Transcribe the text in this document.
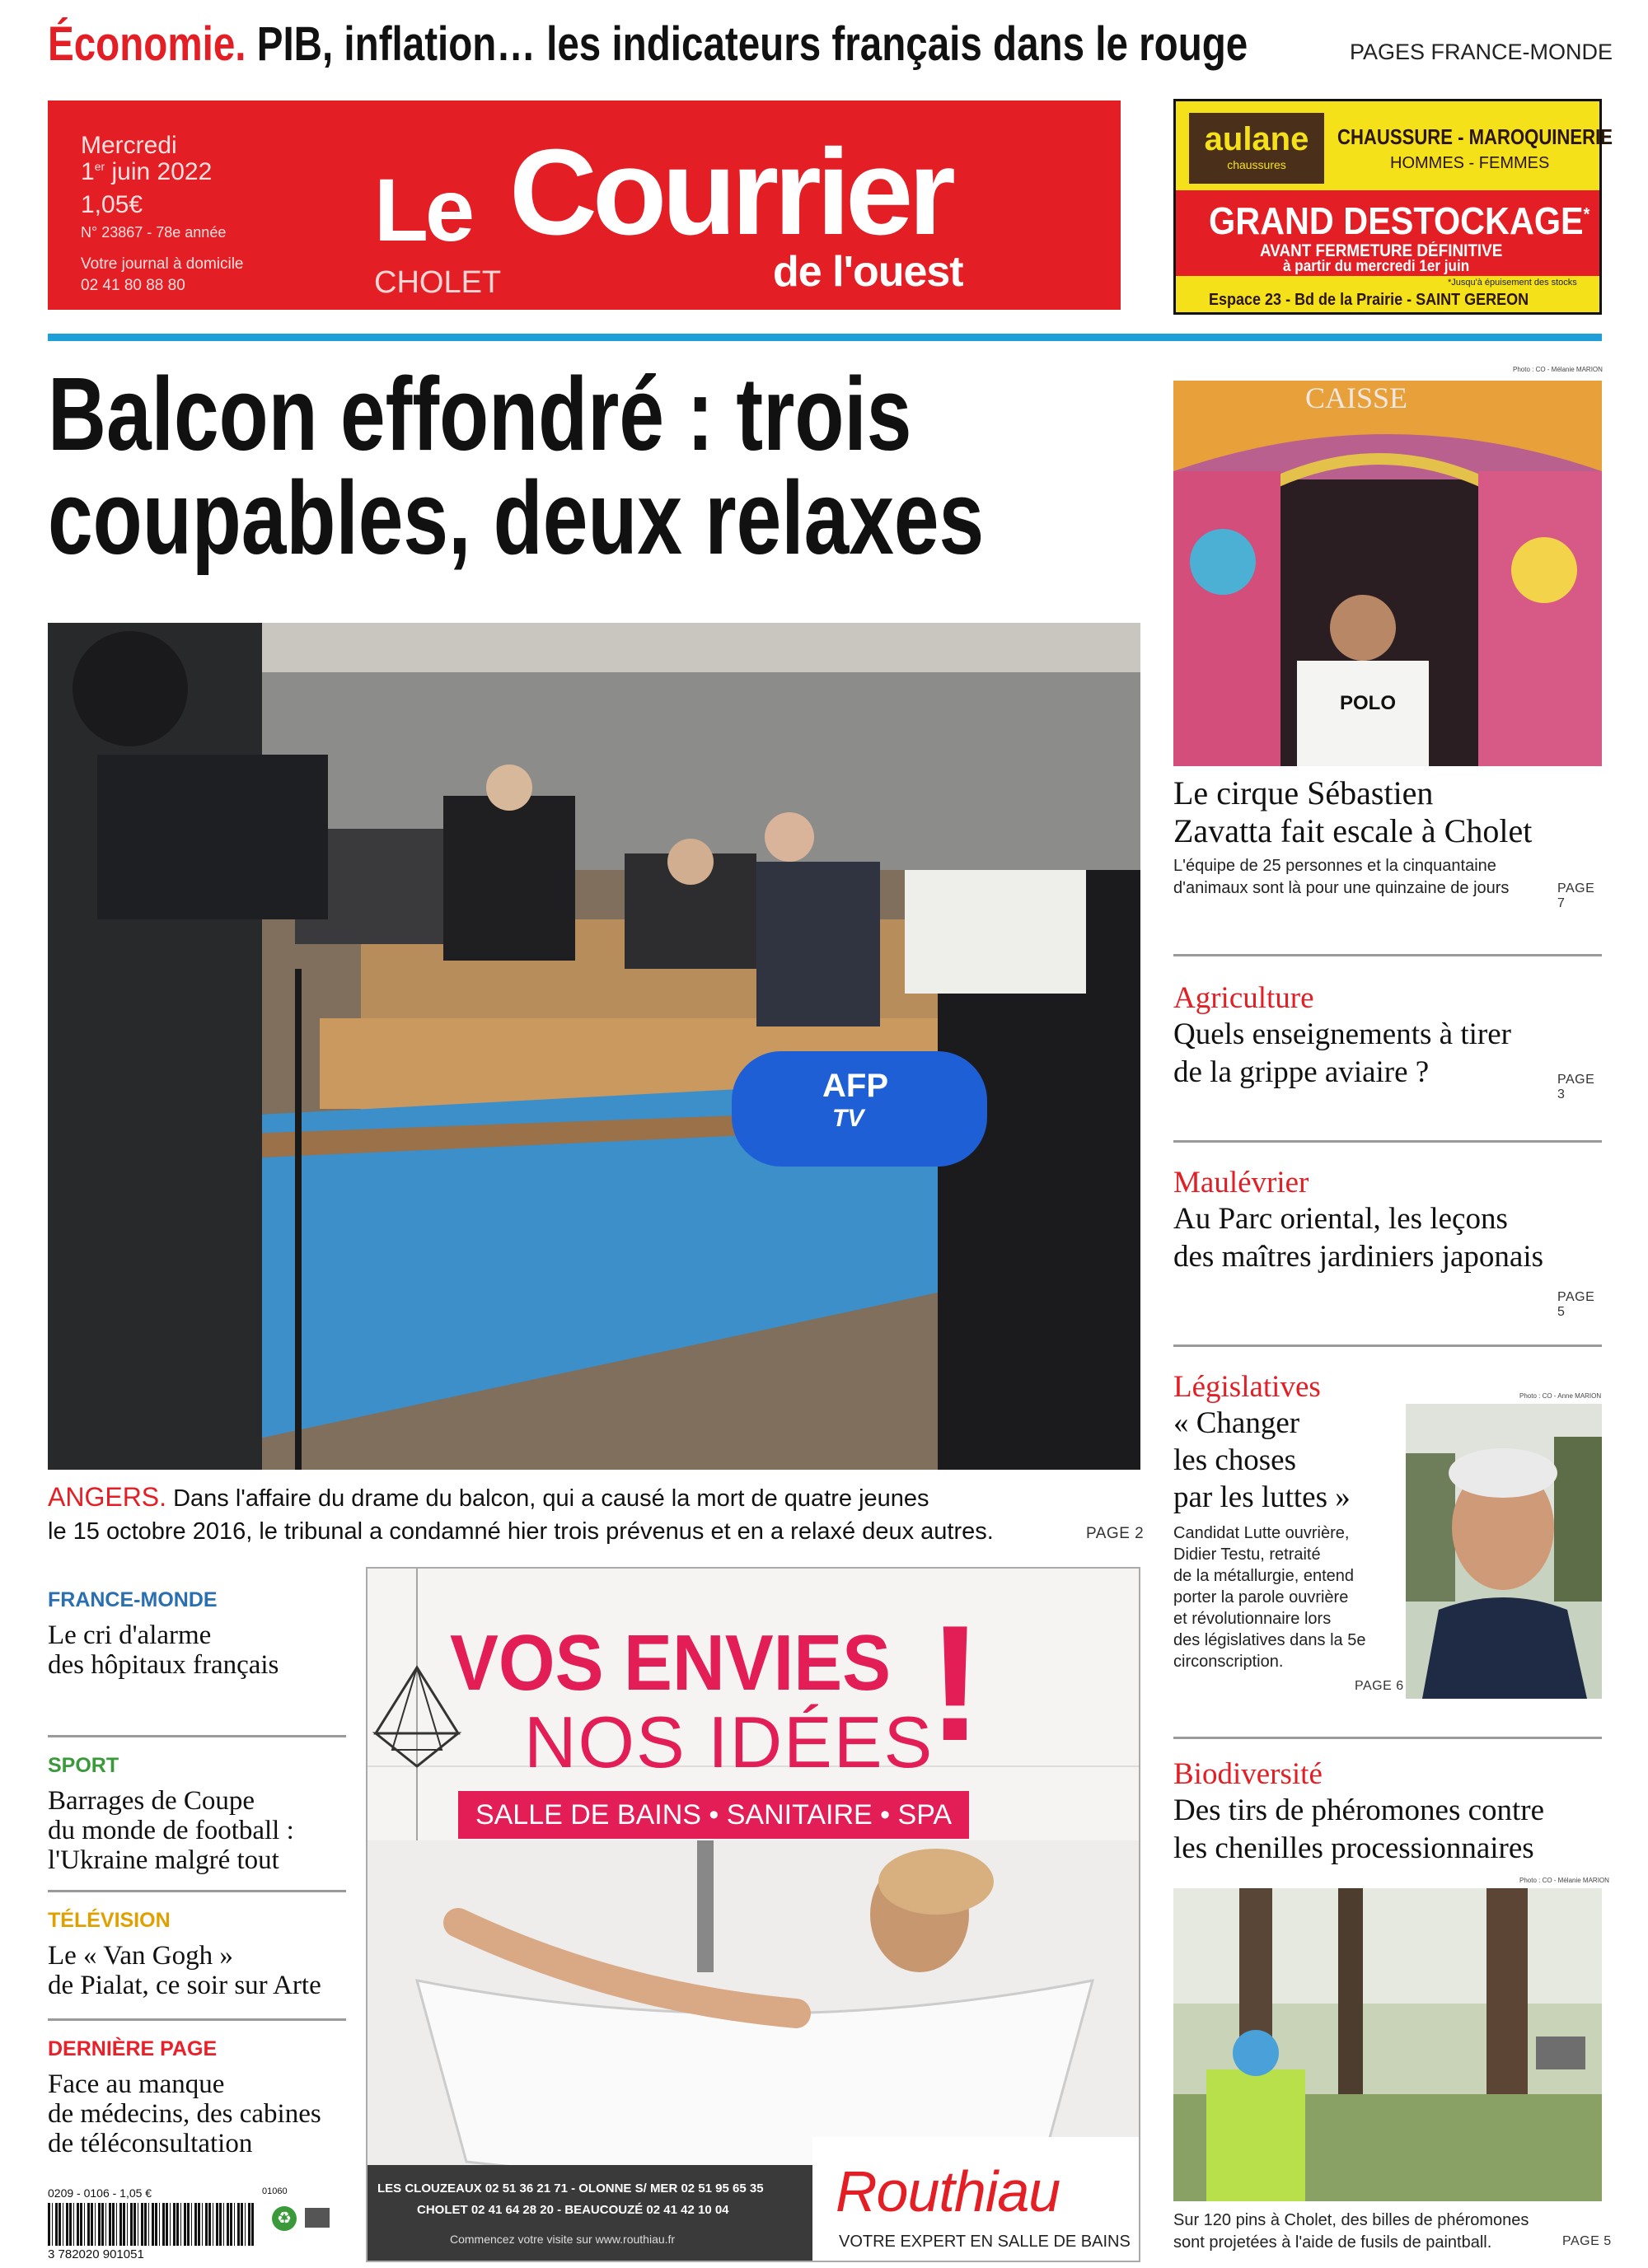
Économie. PIB, inflation… les indicateurs français dans le rouge	PAGES FRANCE-MONDE
Mercredi
1er juin 2022
1,05€
N° 23867 - 78e année
Votre journal à domicile
02 41 80 88 80
Le Courrier
de l'ouest
CHOLET
aulane
chaussures
CHAUSSURE - MAROQUINERIE
HOMMES - FEMMES
GRAND DESTOCKAGE*
AVANT FERMETURE DÉFINITIVE
à partir du mercredi 1er juin
*Jusqu'à épuisement des stocks
Espace 23 - Bd de la Prairie - SAINT GEREON
Balcon effondré : trois
coupables, deux relaxes
AFP
TV
ANGERS. Dans l'affaire du drame du balcon, qui a causé la mort de quatre jeunes
le 15 octobre 2016, le tribunal a condamné hier trois prévenus et en a relaxé deux autres.	PAGE 2
FRANCE-MONDE
Le cri d'alarme
des hôpitaux français
SPORT
Barrages de Coupe
du monde de football :
l'Ukraine malgré tout
TÉLÉVISION
Le « Van Gogh »
de Pialat, ce soir sur Arte
DERNIÈRE PAGE
Face au manque
de médecins, des cabines
de téléconsultation
0209 - 0106 - 1,05 €
3 782020 901051
01060
♻
VOS ENVIES
NOS IDÉES
!
SALLE DE BAINS • SANITAIRE • SPA
LES CLOUZEAUX 02 51 36 21 71 - OLONNE S/ MER 02 51 95 65 35
CHOLET 02 41 64 28 20 - BEAUCOUZÉ 02 41 42 10 04
Commencez votre visite sur www.routhiau.fr
Routhiau
VOTRE EXPERT EN SALLE DE BAINS
Photo : CO - Mélanie MARION
CAISSE
POLO
Le cirque Sébastien
Zavatta fait escale à Cholet
L'équipe de 25 personnes et la cinquantaine
d'animaux sont là pour une quinzaine de jours	PAGE 7
Agriculture
Quels enseignements à tirer
de la grippe aviaire ?	PAGE 3
Maulévrier
Au Parc oriental, les leçons
des maîtres jardiniers japonais
PAGE 5
Législatives
« Changer
les choses
par les luttes »
Candidat Lutte ouvrière,
Didier Testu, retraité
de la métallurgie, entend
porter la parole ouvrière
et révolutionnaire lors
des législatives dans la 5e
circonscription.
PAGE 6
Photo : CO - Anne MARION
Biodiversité
Des tirs de phéromones contre
les chenilles processionnaires
Photo : CO - Mélanie MARION
Sur 120 pins à Cholet, des billes de phéromones
sont projetées à l'aide de fusils de paintball.	PAGE 5
